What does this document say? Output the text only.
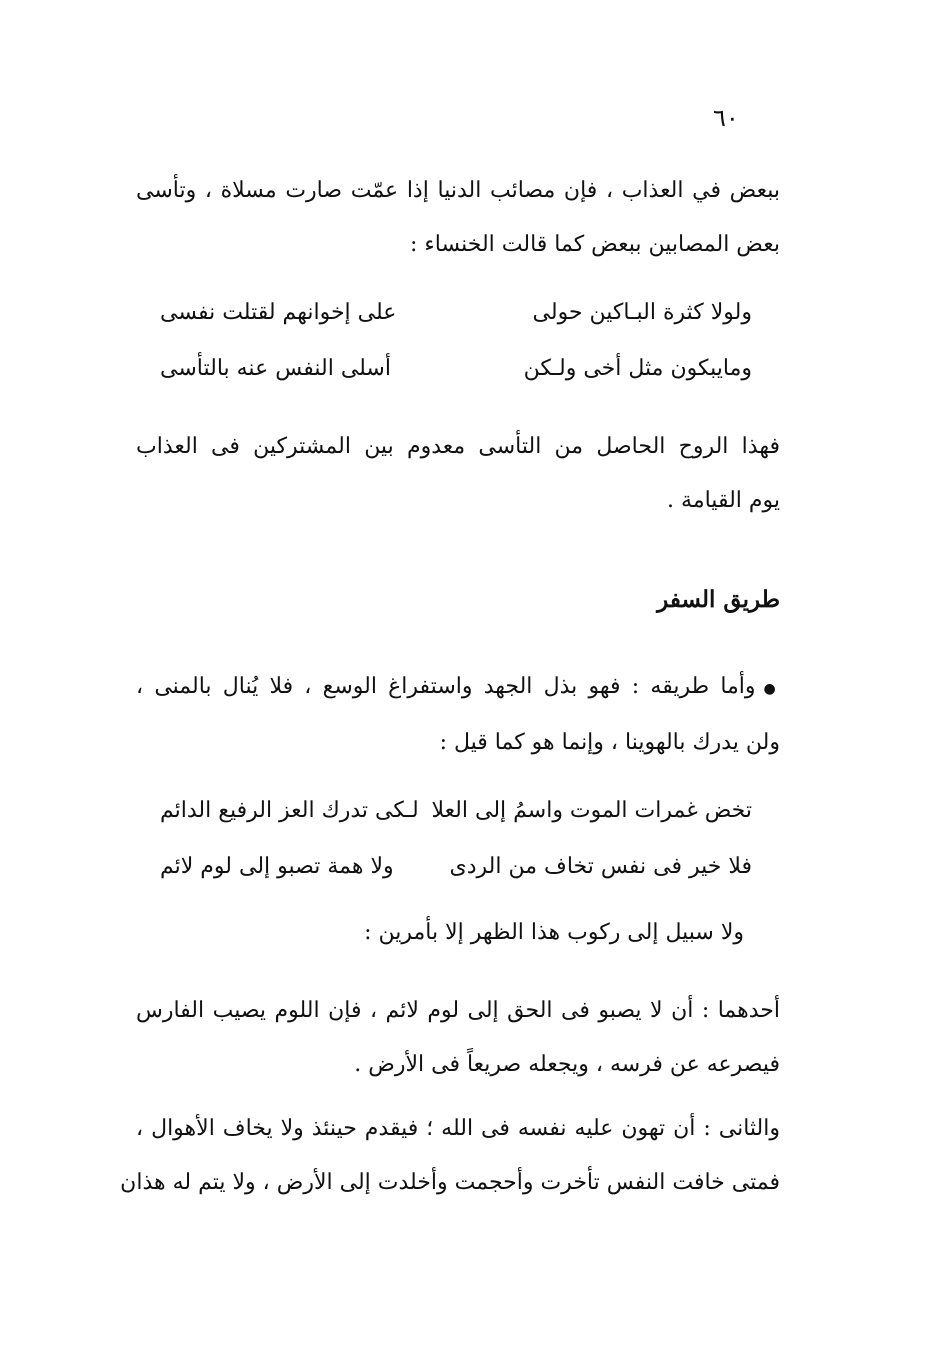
٦٠
ببعض في العذاب ، فإن مصائب الدنيا إذا عمّت صارت مسلاة ، وتأسى
بعض المصابين ببعض كما قالت الخنساء :
ولولا كثرة البـاكين حولى
على إخوانهم لقتلت نفسى
ومايبكون مثل أخى ولـكن
أسلى النفس عنه بالتأسى
فهذا الروح الحاصل من التأسى معدوم بين المشتركين فى العذاب
يوم القيامة .
طريق السفر
●وأما طريقه : فهو بذل الجهد واستفراغ الوسع ، فلا يُنال بالمنى ،
ولن يدرك بالهوينا ، وإنما هو كما قيل :
تخض غمرات الموت واسمُ إلى العلا
لـكى تدرك العز الرفيع الدائم
فلا خير فى نفس تخاف من الردى
ولا همة تصبو إلى لوم لائم
ولا سبيل إلى ركوب هذا الظهر إلا بأمرين :
أحدهما : أن لا يصبو فى الحق إلى لوم لائم ، فإن اللوم يصيب الفارس
فيصرعه عن فرسه ، ويجعله صريعاً فى الأرض .
والثانى : أن تهون عليه نفسه فى الله ؛ فيقدم حينئذ ولا يخاف الأهوال ،
فمتى خافت النفس تأخرت وأحجمت وأخلدت إلى الأرض ، ولا يتم له هذان
